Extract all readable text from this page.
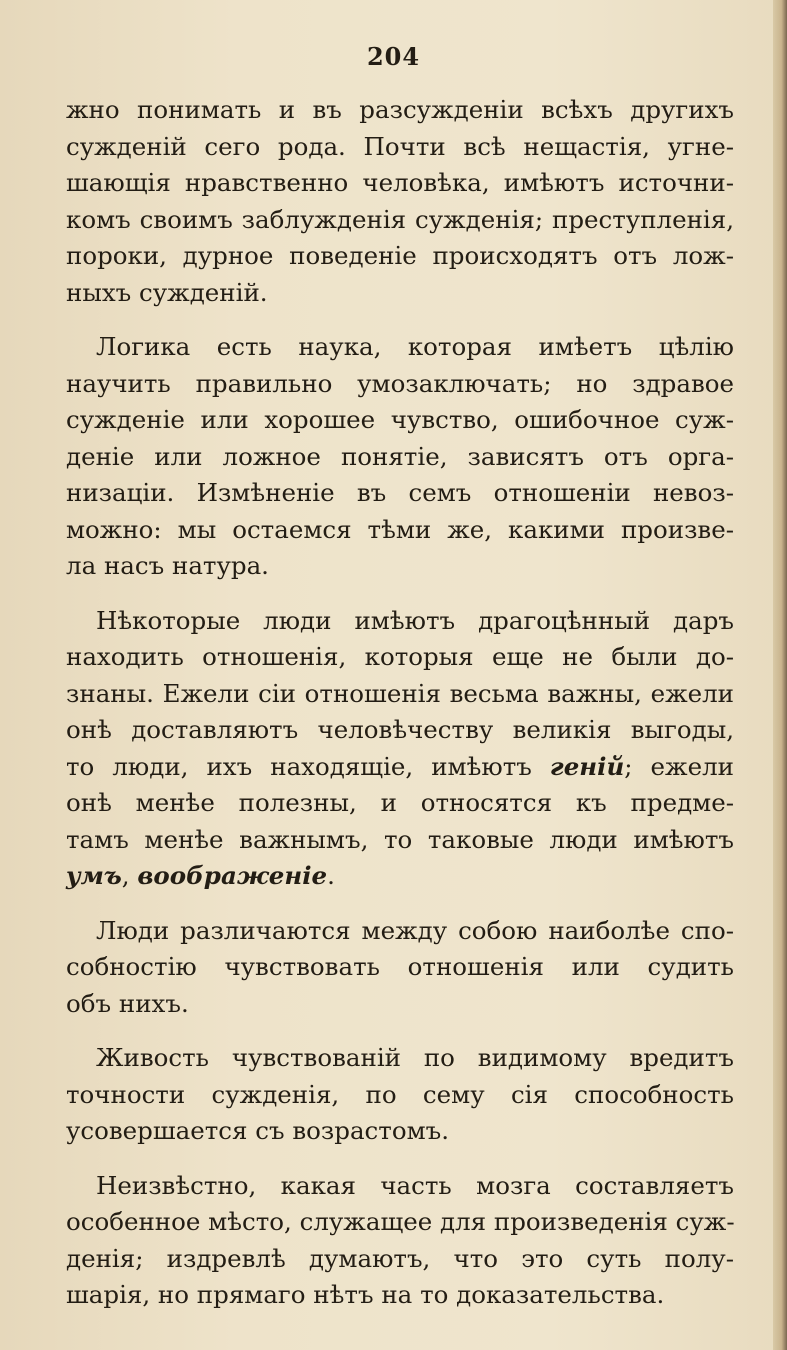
204
жно понимать и въ разсужденіи всѣхъ другихъ
сужденій сего рода. Почти всѣ нещастія, угне-
шающія нравственно человѣка, имѣютъ источни-
комъ своимъ заблужденія сужденія; преступленія,
пороки, дурное поведеніе происходятъ отъ лож-
ныхъ сужденій.
Логика есть наука, которая имѣетъ цѣлію
научить правильно умозаключать; но здравое
сужденіе или хорошее чувство, ошибочное суж-
деніе или ложное понятіе, зависятъ отъ орга-
низаціи. Измѣненіе въ семъ отношеніи невоз-
можно: мы остаемся тѣми же, какими произве-
ла насъ натура.
Нѣкоторые люди имѣютъ драгоцѣнный даръ
находить отношенія, которыя еще не были до-
знаны. Ежели сіи отношенія весьма важны, ежели
онѣ доставляютъ человѣчеству великія выгоды,
то люди, ихъ находящіе, имѣютъ геній; ежели
онѣ менѣе полезны, и относятся къ предме-
тамъ менѣе важнымъ, то таковые люди имѣютъ
умъ, воображеніе.
Люди различаются между собою наиболѣе спо-
собностію чувствовать отношенія или судить
объ нихъ.
Живость чувствованій по видимому вредитъ
точности сужденія, по сему сія способность
усовершается съ возрастомъ.
Неизвѣстно, какая часть мозга составляетъ
особенное мѣсто, служащее для произведенія суж-
денія; издревлѣ думаютъ, что это суть полу-
шарія, но прямаго нѣтъ на то доказательства.
